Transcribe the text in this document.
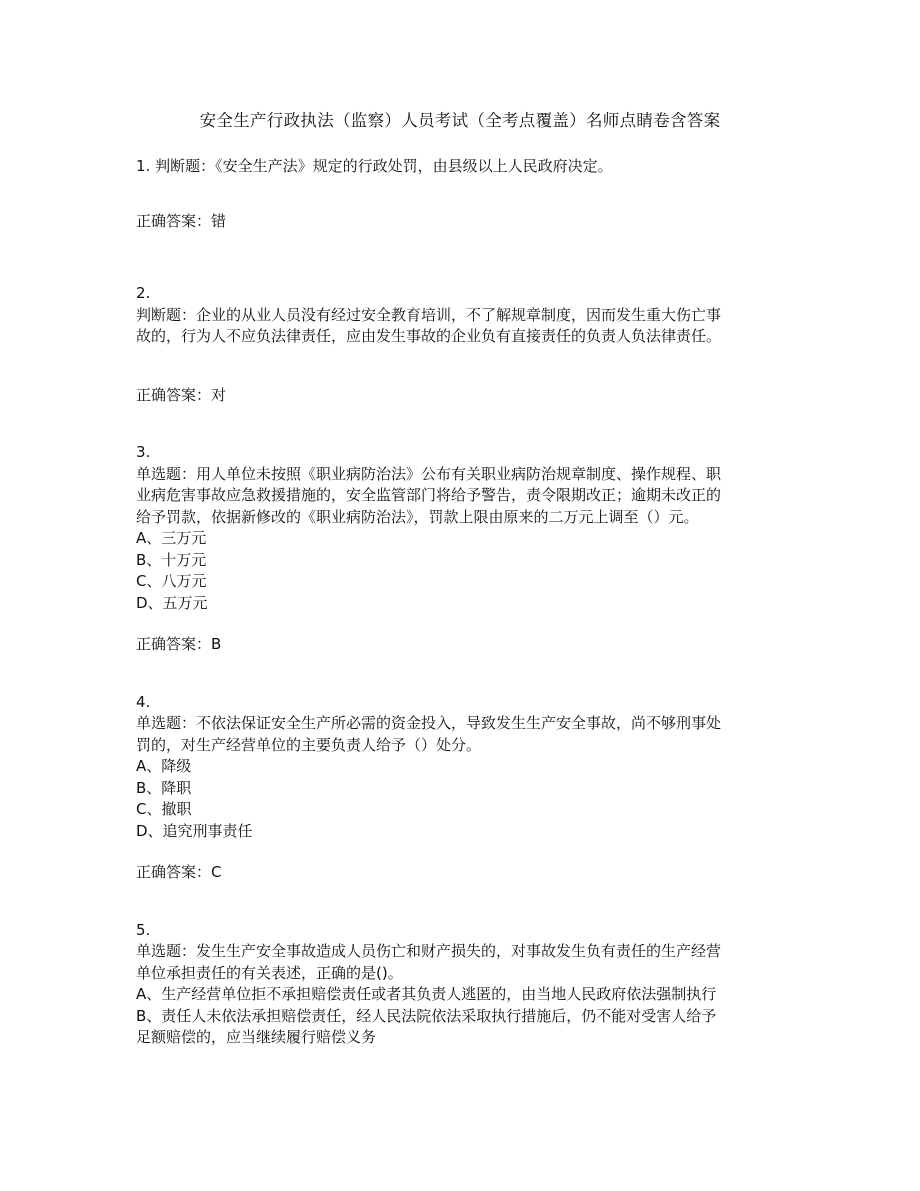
安全生产行政执法（监察）人员考试（全考点覆盖）名师点睛卷含答案
1. 判断题：《安全生产法》规定的行政处罚，由县级以上人民政府决定。
正确答案：错
2.
判断题：企业的从业人员没有经过安全教育培训，不了解规章制度，因而发生重大伤亡事
故的，行为人不应负法律责任，应由发生事故的企业负有直接责任的负责人负法律责任。
正确答案：对
3.
单选题：用人单位未按照《职业病防治法》公布有关职业病防治规章制度、操作规程、职
业病危害事故应急救援措施的，安全监管部门将给予警告，责令限期改正；逾期未改正的
给予罚款，依据新修改的《职业病防治法》，罚款上限由原来的二万元上调至（）元。
A、三万元
B、十万元
C、八万元
D、五万元
正确答案：B
4.
单选题：不依法保证安全生产所必需的资金投入，导致发生生产安全事故，尚不够刑事处
罚的，对生产经营单位的主要负责人给予（）处分。
A、降级
B、降职
C、撤职
D、追究刑事责任
正确答案：C
5.
单选题：发生生产安全事故造成人员伤亡和财产损失的，对事故发生负有责任的生产经营
单位承担责任的有关表述，正确的是()。
A、生产经营单位拒不承担赔偿责任或者其负责人逃匿的，由当地人民政府依法强制执行
B、责任人未依法承担赔偿责任，经人民法院依法采取执行措施后，仍不能对受害人给予
足额赔偿的，应当继续履行赔偿义务
